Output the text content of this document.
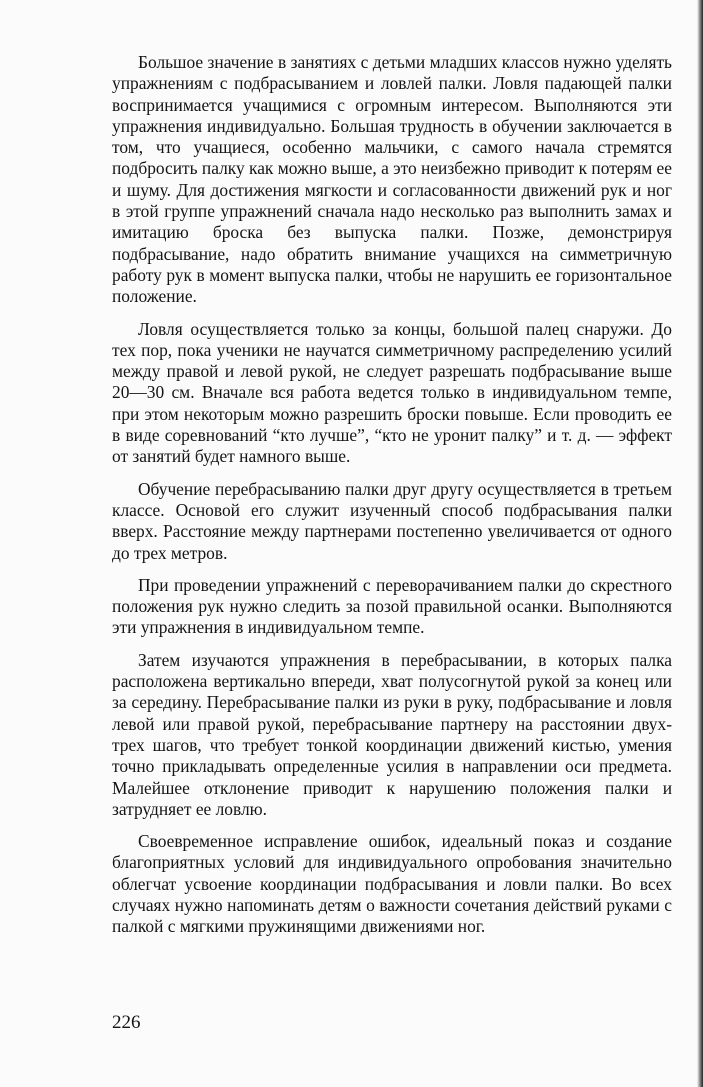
Большое значение в занятиях с детьми младших классов нужно уделять упражнениям с подбрасыванием и ловлей палки. Ловля падающей палки воспринимается учащимися с огромным интересом. Выполняются эти упражнения индивидуально. Большая трудность в обучении заключается в том, что учащиеся, особенно мальчики, с самого начала стремятся подбросить палку как можно выше, а это неизбежно приводит к потерям ее и шуму. Для достижения мягкости и согласованности движений рук и ног в этой группе упражнений сначала надо несколько раз выполнить замах и имитацию броска без выпуска палки. Позже, демонстрируя подбрасывание, надо обратить внимание учащихся на симметричную работу рук в момент выпуска палки, чтобы не нарушить ее горизонтальное положение.

Ловля осуществляется только за концы, большой палец снаружи. До тех пор, пока ученики не научатся симметричному распределению усилий между правой и левой рукой, не следует разрешать подбрасывание выше 20—30 см. Вначале вся работа ведется только в индивидуальном темпе, при этом некоторым можно разрешить броски повыше. Если проводить ее в виде соревнований “кто лучше”, “кто не уронит палку” и т. д. — эффект от занятий будет намного выше.

Обучение перебрасыванию палки друг другу осуществляется в третьем классе. Основой его служит изученный способ подбрасывания палки вверх. Расстояние между партнерами постепенно увеличивается от одного до трех метров.

При проведении упражнений с переворачиванием палки до скрестного положения рук нужно следить за позой правильной осанки. Выполняются эти упражнения в индивидуальном темпе.

Затем изучаются упражнения в перебрасывании, в которых палка расположена вертикально впереди, хват полусогнутой рукой за конец или за середину. Перебрасывание палки из руки в руку, подбрасывание и ловля левой или правой рукой, перебрасывание партнеру на расстоянии двух-трех шагов, что требует тонкой координации движений кистью, умения точно прикладывать определенные усилия в направлении оси предмета. Малейшее отклонение приводит к нарушению положения палки и затрудняет ее ловлю.

Своевременное исправление ошибок, идеальный показ и создание благоприятных условий для индивидуального опробования значительно облегчат усвоение координации подбрасывания и ловли палки. Во всех случаях нужно напоминать детям о важности сочетания действий руками с палкой с мягкими пружинящими движениями ног.

226
